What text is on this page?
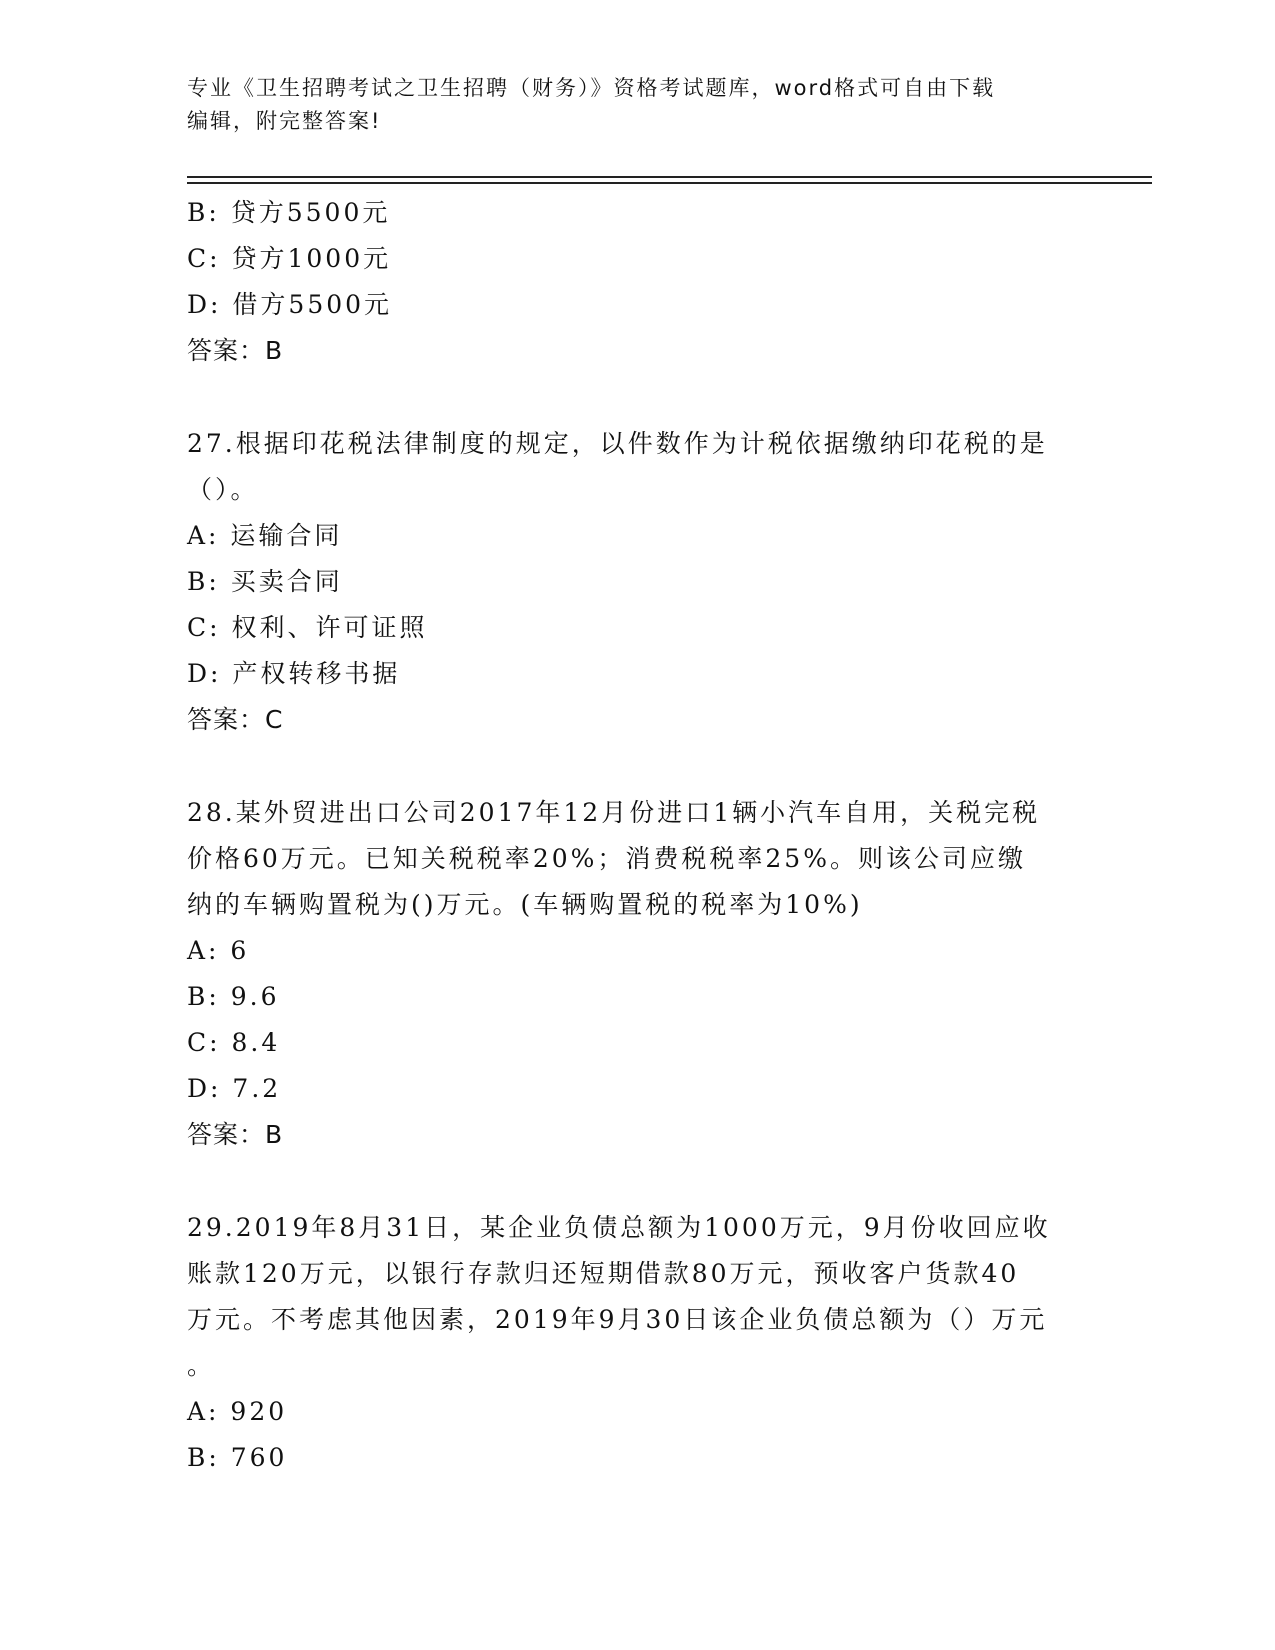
专业《卫生招聘考试之卫生招聘（财务）》资格考试题库，word格式可自由下载
编辑，附完整答案!
B: 贷方5500元
C: 贷方1000元
D: 借方5500元
答案：B
27.根据印花税法律制度的规定，以件数作为计税依据缴纳印花税的是
（）。
A: 运输合同
B: 买卖合同
C: 权利、许可证照
D: 产权转移书据
答案：C
28.某外贸进出口公司2017年12月份进口1辆小汽车自用，关税完税
价格60万元。已知关税税率20%；消费税税率25%。则该公司应缴
纳的车辆购置税为()万元。(车辆购置税的税率为10%)
A: 6
B: 9.6
C: 8.4
D: 7.2
答案：B
29.2019年8月31日，某企业负债总额为1000万元，9月份收回应收
账款120万元，以银行存款归还短期借款80万元，预收客户货款40
万元。不考虑其他因素，2019年9月30日该企业负债总额为（）万元
。
A: 920
B: 760
